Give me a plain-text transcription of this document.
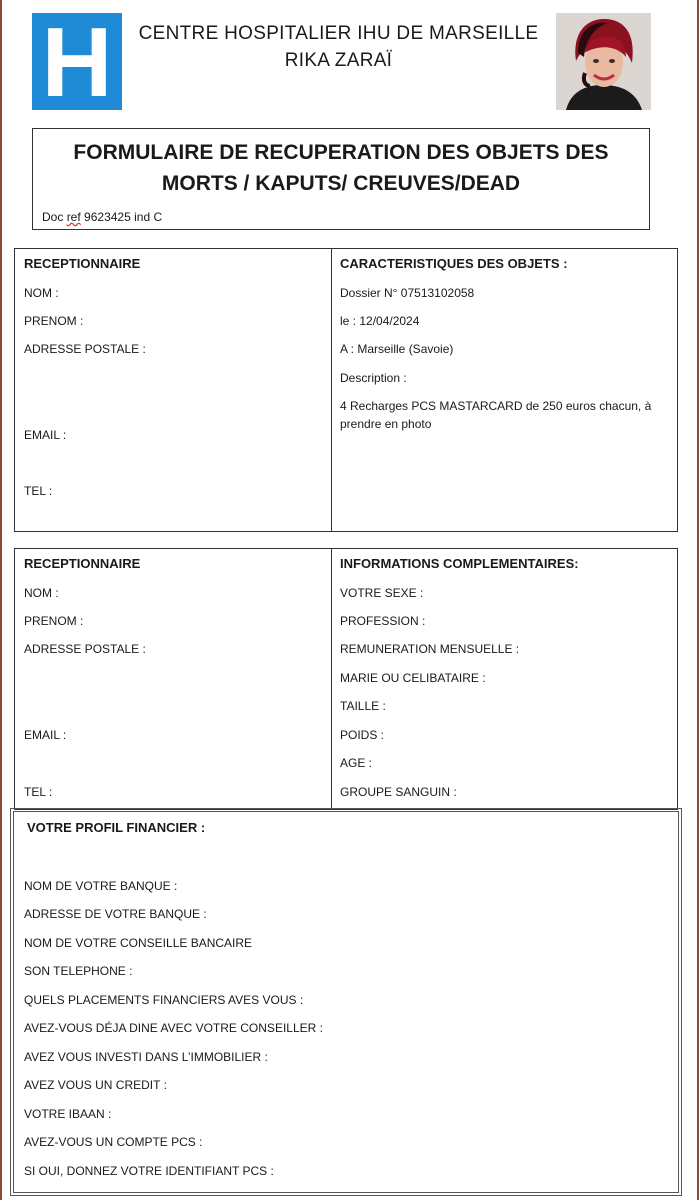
H CENTRE HOSPITALIER IHU DE MARSEILLE
RIKA ZARAÏ
FORMULAIRE DE RECUPERATION DES OBJETS DES
MORTS / KAPUTS/ CREUVES/DEAD
Doc ref 9623425 ind C
RECEPTIONNAIRE
NOM :
PRENOM :
ADRESSE POSTALE :
EMAIL :
TEL :
CARACTERISTIQUES DES OBJETS :
Dossier N° 07513102058
le : 12/04/2024
A : Marseille (Savoie)
Description :
4 Recharges PCS MASTARCARD de 250 euros chacun, à
prendre en photo
RECEPTIONNAIRE
NOM :
PRENOM :
ADRESSE POSTALE :
EMAIL :
TEL :
INFORMATIONS COMPLEMENTAIRES:
VOTRE SEXE :
PROFESSION :
REMUNERATION MENSUELLE :
MARIE OU CELIBATAIRE :
TAILLE :
POIDS :
AGE :
GROUPE SANGUIN :
VOTRE PROFIL FINANCIER :
NOM DE VOTRE BANQUE :
ADRESSE DE VOTRE BANQUE :
NOM DE VOTRE CONSEILLE BANCAIRE
SON TELEPHONE :
QUELS PLACEMENTS FINANCIERS AVES VOUS :
AVEZ-VOUS DÉJA DINE AVEC VOTRE CONSEILLER :
AVEZ VOUS INVESTI DANS L’IMMOBILIER :
AVEZ VOUS UN CREDIT :
VOTRE IBAAN :
AVEZ-VOUS UN COMPTE PCS :
SI OUI, DONNEZ VOTRE IDENTIFIANT PCS :
